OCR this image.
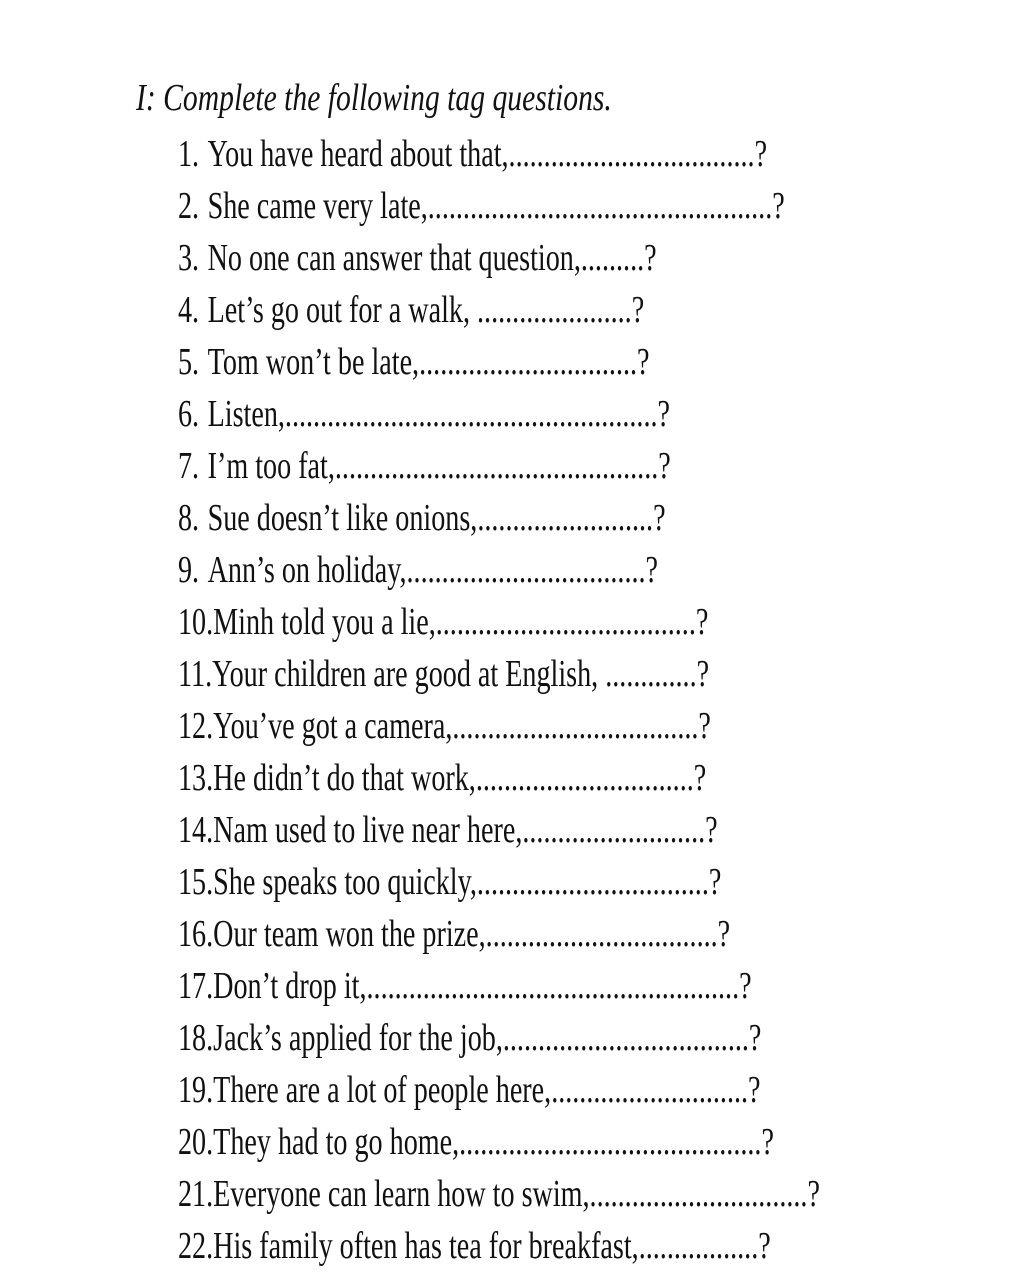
I: Complete the following tag questions.
1. You have heard about that,...................................?
2. She came very late,.................................................?
3. No one can answer that question,.........?
4. Let’s go out for a walk, ......................?
5. Tom won’t be late,...............................?
6. Listen,.....................................................?
7. I’m too fat,..............................................?
8. Sue doesn’t like onions,.........................?
9. Ann’s on holiday,..................................?
10.Minh told you a lie,.....................................?
11.Your children are good at English, .............?
12.You’ve got a camera,...................................?
13.He didn’t do that work,...............................?
14.Nam used to live near here,..........................?
15.She speaks too quickly,.................................?
16.Our team won the prize,.................................?
17.Don’t drop it,.....................................................?
18.Jack’s applied for the job,...................................?
19.There are a lot of people here,............................?
20.They had to go home,...........................................?
21.Everyone can learn how to swim,...............................?
22.His family often has tea for breakfast,.................?
